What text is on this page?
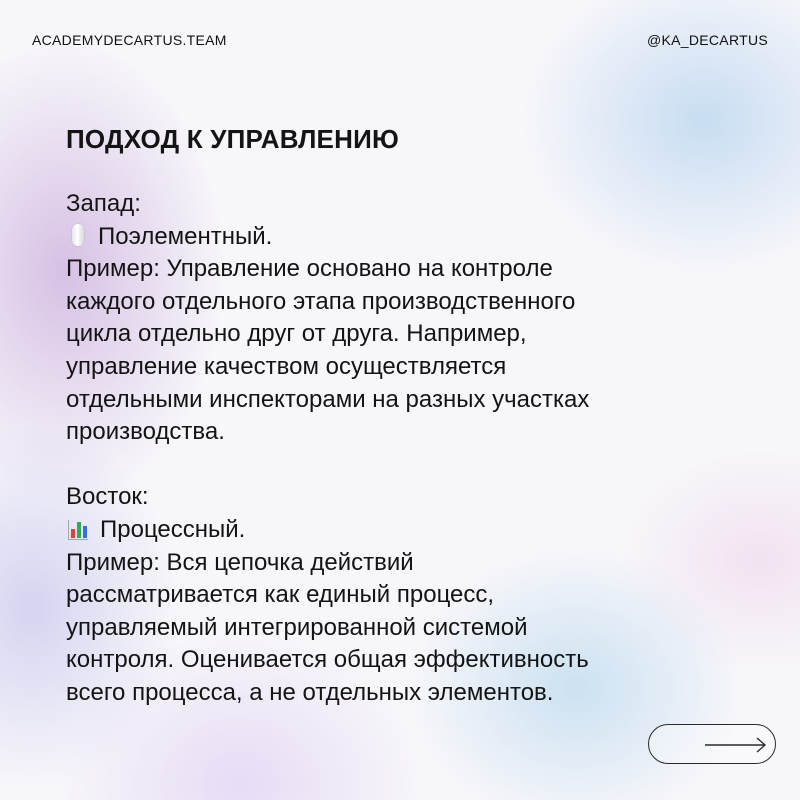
ACADEMYDECARTUS.TEAM	@KA_DECARTUS
ПОДХОД К УПРАВЛЕНИЮ

Запад:

Поэлементный.

Пример: Управление основано на контроле

каждого отдельного этапа производственного

цикла отдельно друг от друга. Например,

управление качеством осуществляется

отдельными инспекторами на разных участках

производства.

Восток:

Процессный.

Пример: Вся цепочка действий

рассматривается как единый процесс,

управляемый интегрированной системой

контроля. Оценивается общая эффективность

всего процесса, а не отдельных элементов.
